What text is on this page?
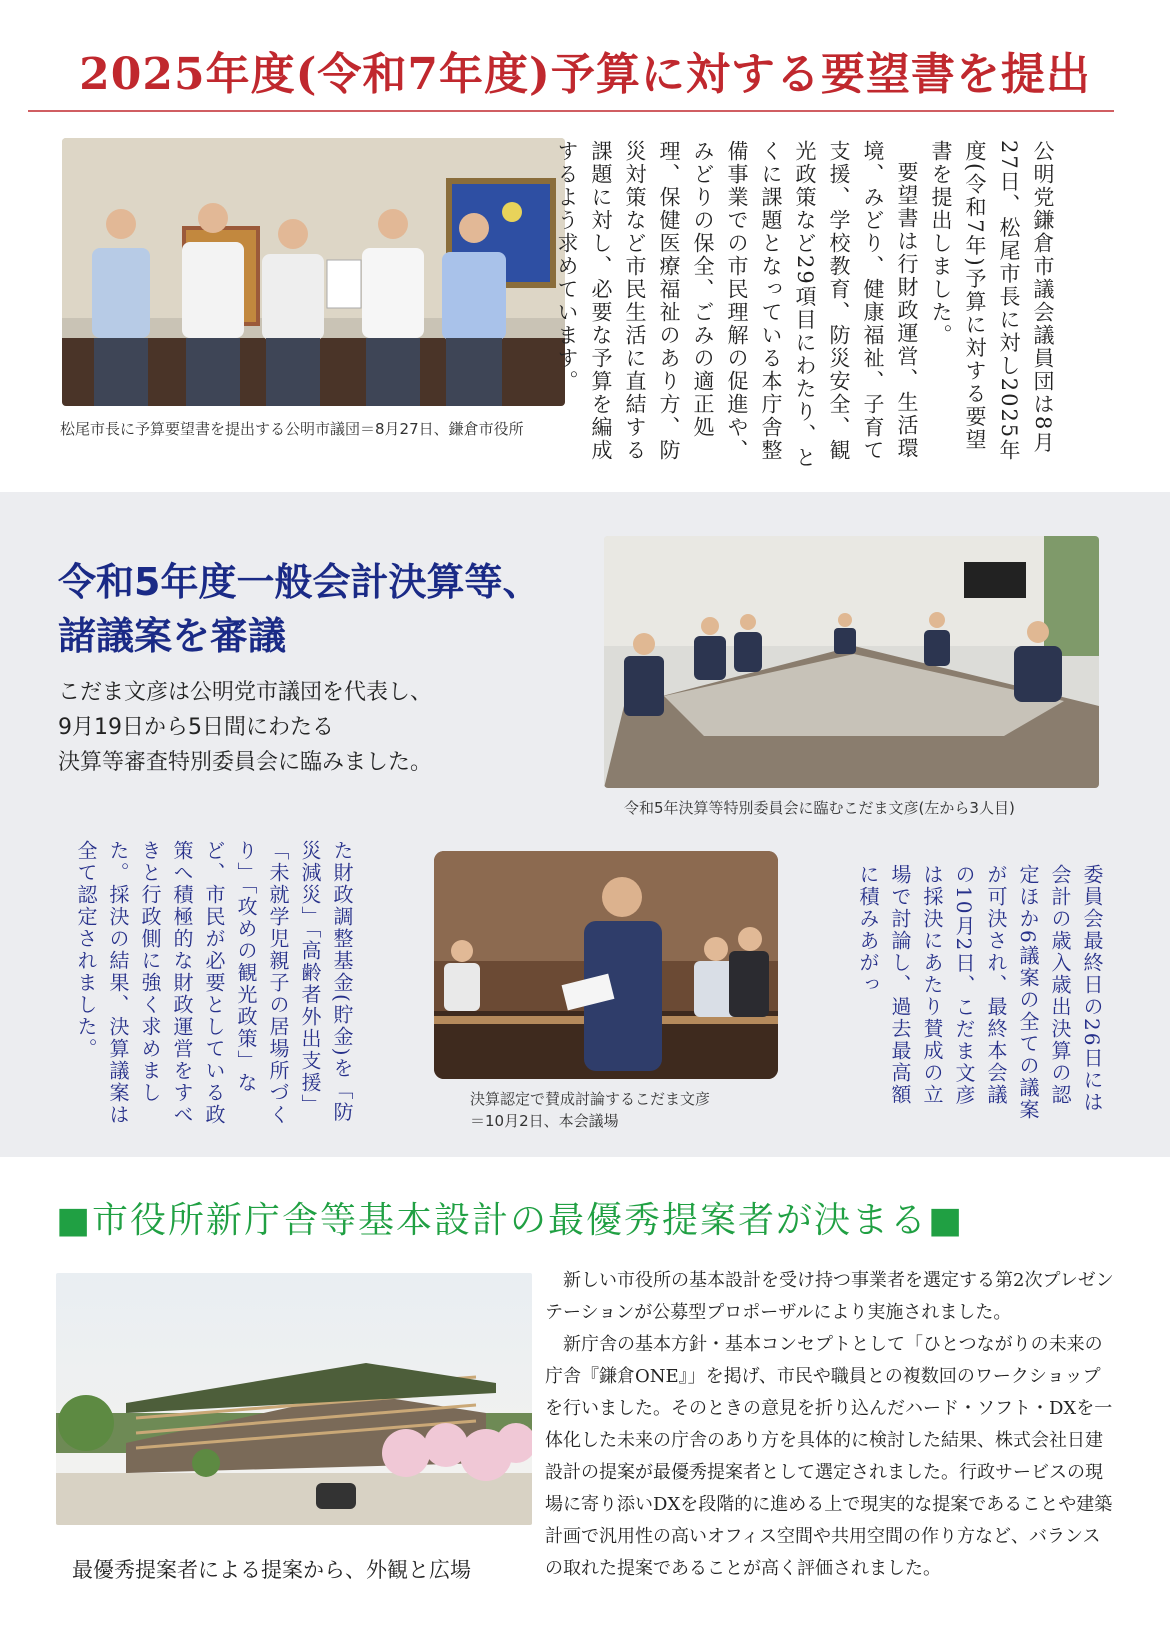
2025年度(令和7年度)予算に対する要望書を提出
松尾市長に予算要望書を提出する公明市議団＝8月27日、鎌倉市役所	公明党鎌倉市議会議員団は8月27日、松尾市長に対し2025年度(令和7年)予算に対する要望書を提出しました。

要望書は行財政運営、生活環境、みどり、健康福祉、子育て支援、学校教育、防災安全、観光政策など29項目にわたり、とくに課題となっている本庁舎整備事業での市民理解の促進や、みどりの保全、ごみの適正処理、保健医療福祉のあり方、防災対策など市民生活に直結する課題に対し、必要な予算を編成するよう求めています。

令和5年度一般会計決算等、
諸議案を審議
こだま文彦は公明党市議団を代表し、
9月19日から5日間にわたる
決算等審査特別委員会に臨みました。
令和5年決算等特別委員会に臨むこだま文彦(左から3人目)
委員会最終日の26日には会計の歳入歳出決算の認定ほか6議案の全ての議案が可決され、最終本会議の10月2日、こだま文彦は採決にあたり賛成の立場で討論し、過去最高額に積みあがっ
決算認定で賛成討論するこだま文彦
＝10月2日、本会議場
た財政調整基金(貯金)を「防災減災」「高齢者外出支援」「未就学児親子の居場所づくり」「攻めの観光政策」など、市民が必要としている政策へ積極的な財政運営をすべきと行政側に強く求めました。採決の結果、決算議案は全て認定されました。
■市役所新庁舎等基本設計の最優秀提案者が決まる■
最優秀提案者による提案から、外観と広場

新しい市役所の基本設計を受け持つ事業者を選定する第2次プレゼンテーションが公募型プロポーザルにより実施されました。

新庁舎の基本方針・基本コンセプトとして「ひとつながりの未来の庁舎『鎌倉ONE』」を掲げ、市民や職員との複数回のワークショップを行いました。そのときの意見を折り込んだハード・ソフト・DXを一体化した未来の庁舎のあり方を具体的に検討した結果、株式会社日建設計の提案が最優秀提案者として選定されました。行政サービスの現場に寄り添いDXを段階的に進める上で現実的な提案であることや建築計画で汎用性の高いオフィス空間や共用空間の作り方など、バランスの取れた提案であることが高く評価されました。
